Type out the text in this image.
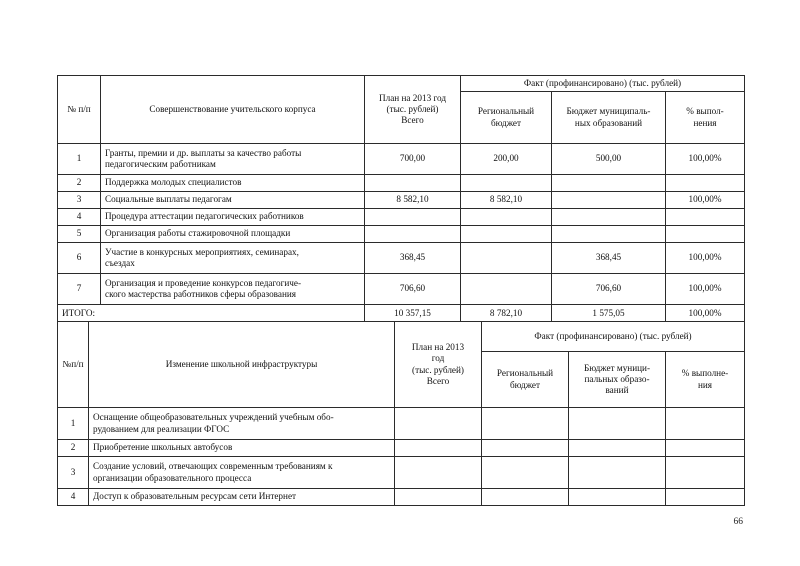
№ п/п	Совершенствование учительского корпуса	План на 2013 год
(тыс. рублей)
Всего	Факт (профинансировано) (тыс. рублей)		

Региональный
бюджет

Бюджет муниципаль-
ных образований

% выпол-
нения

1	Гранты, премии и др. выплаты за качество работы
педагогическим работникам	700,00	200,00	500,00	100,00%
2	Поддержка молодых специалистов				
3	Социальные выплаты педагогам	8 582,10	8 582,10		100,00%
4	Процедура аттестации педагогических работников				
5	Организация работы стажировочной площадки				
6	Участие в конкурсных мероприятиях, семинарах,
съездах	368,45		368,45	100,00%
7	Организация и проведение конкурсов педагогиче-
ского мастерства работников сферы образования	706,60		706,60	100,00%
ИТОГО:		10 357,15	8 782,10	1 575,05	100,00%
№п/п	Изменение школьной инфраструктуры	План на 2013
год
(тыс. рублей)
Всего	Факт (профинансировано) (тыс. рублей)		

Региональный
бюджет

Бюджет муници-
пальных образо-
ваний

% выполне-
ния

1	Оснащение общеобразовательных учреждений учебным обо-
рудованием для реализации ФГОС				

2	Приобретение школьных автобусов				
3	Создание условий, отвечающих современным требованиям к
организации образовательного процесса				

4	Доступ к образовательным ресурсам сети Интернет				
66
